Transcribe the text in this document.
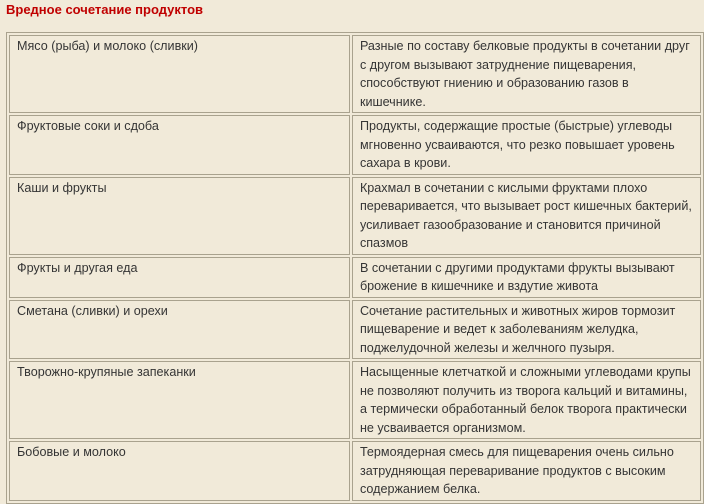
Вредное сочетание продуктов
Мясо (рыба) и молоко (сливки)	Разные по составу белковые продукты в сочетании друг с другом вызывают затруднение пищеварения, способствуют гниению и образованию газов в кишечнике.
Фруктовые соки и сдоба	Продукты, содержащие простые (быстрые) углеводы мгновенно усваиваются, что резко повышает уровень сахара в крови.
Каши и фрукты	Крахмал в сочетании с кислыми фруктами плохо переваривается, что вызывает рост кишечных бактерий, усиливает газообразование и становится причиной спазмов
Фрукты и другая еда	В сочетании с другими продуктами фрукты вызывают брожение в кишечнике и вздутие живота
Сметана (сливки) и орехи	Сочетание растительных и животных жиров тормозит пищеварение и ведет к заболеваниям желудка, поджелудочной железы и желчного пузыря.
Творожно-крупяные запеканки	Насыщенные клетчаткой и сложными углеводами крупы не позволяют получить из творога кальций и витамины, а термически обработанный белок творога практически не усваивается организмом.
Бобовые и молоко	Термоядерная смесь для пищеварения очень сильно затрудняющая переваривание продуктов с высоким содержанием белка.
